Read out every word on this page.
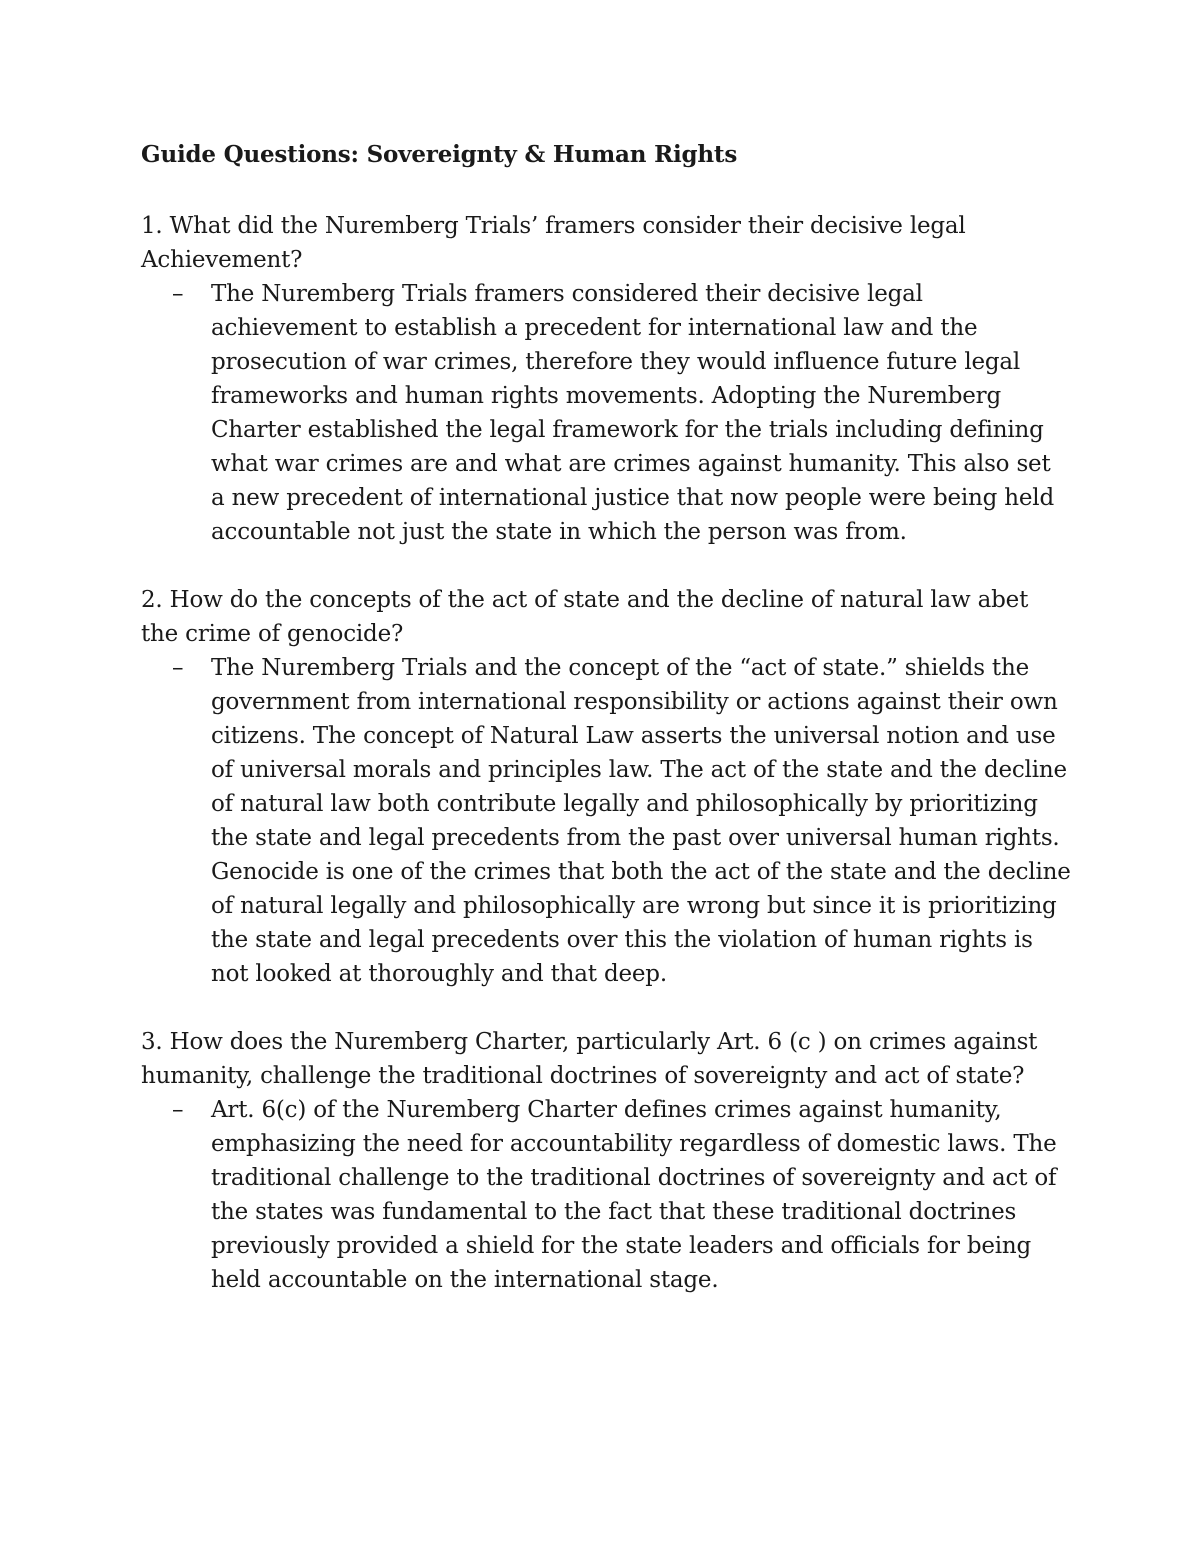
Guide Questions: Sovereignty & Human Rights

1. What did the Nuremberg Trials’ framers consider their decisive legal Achievement?

– The Nuremberg Trials framers considered their decisive legal achievement to establish a precedent for international law and the prosecution of war crimes, therefore they would influence future legal frameworks and human rights movements. Adopting the Nuremberg Charter established the legal framework for the trials including defining what war crimes are and what are crimes against humanity. This also set a new precedent of international justice that now people were being held accountable not just the state in which the person was from.

2. How do the concepts of the act of state and the decline of natural law abet the crime of genocide?

– The Nuremberg Trials and the concept of the “act of state.” shields the government from international responsibility or actions against their own citizens. The concept of Natural Law asserts the universal notion and use of universal morals and principles law. The act of the state and the decline of natural law both contribute legally and philosophically by prioritizing the state and legal precedents from the past over universal human rights. Genocide is one of the crimes that both the act of the state and the decline of natural legally and philosophically are wrong but since it is prioritizing the state and legal precedents over this the violation of human rights is not looked at thoroughly and that deep.

3. How does the Nuremberg Charter, particularly Art. 6 (c ) on crimes against humanity, challenge the traditional doctrines of sovereignty and act of state?

– Art. 6(c) of the Nuremberg Charter defines crimes against humanity, emphasizing the need for accountability regardless of domestic laws. The traditional challenge to the traditional doctrines of sovereignty and act of the states was fundamental to the fact that these traditional doctrines previously provided a shield for the state leaders and officials for being held accountable on the international stage.
